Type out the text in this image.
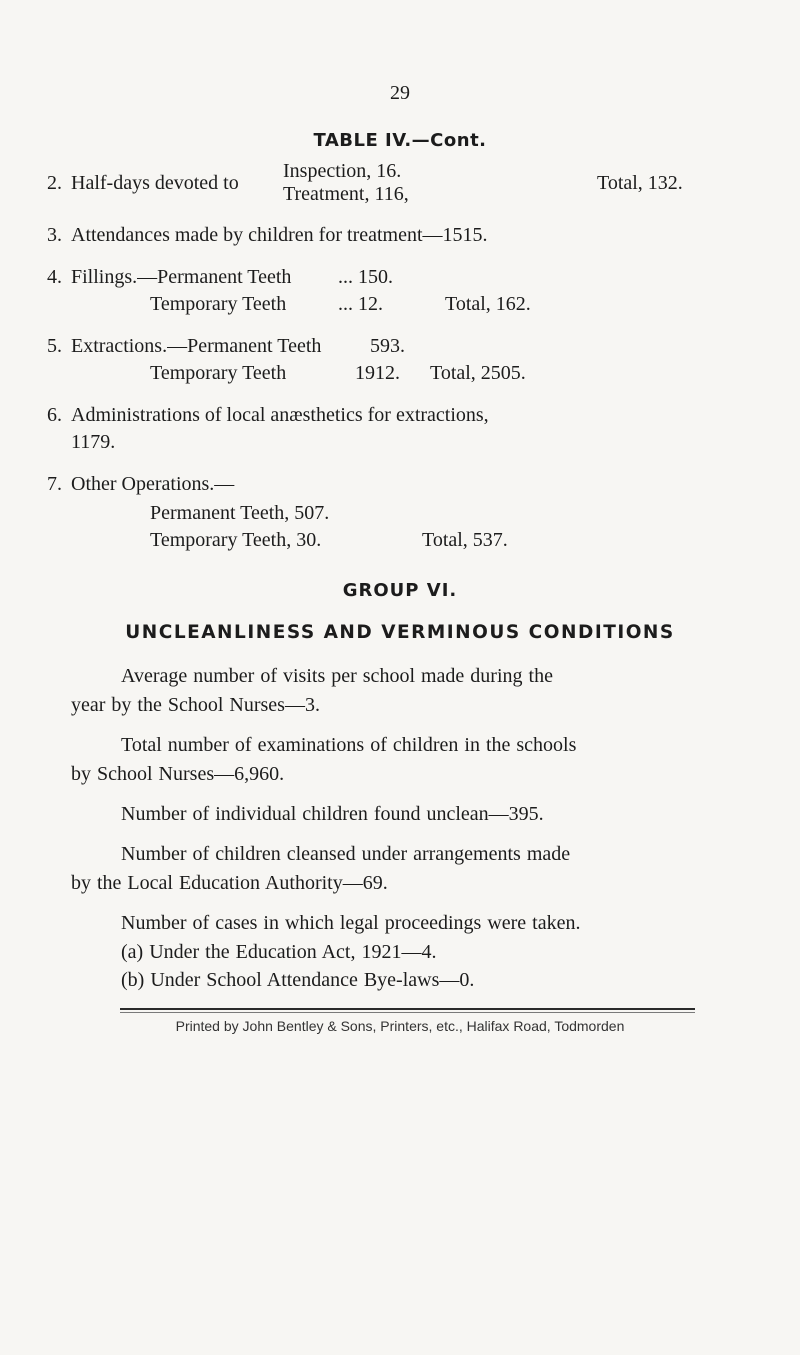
29
TABLE IV.—Cont.
2. Half-days devoted to
Inspection, 16.
Treatment, 116,	Total, 132.
3. Attendances made by children for treatment—1515.
4. Fillings.—Permanent Teeth ... 150.
Temporary Teeth	... 12.	Total, 162.
5. Extractions.—Permanent Teeth 593.
Temporary Teeth	1912. Total, 2505.
6. Administrations of local anæsthetics for extractions,
1179.
7. Other Operations.—
Permanent Teeth, 507.
Temporary Teeth, 30.	Total, 537.
GROUP VI.
UNCLEANLINESS AND VERMINOUS CONDITIONS
Average number of visits per school made during the
year by the School Nurses—3.
Total number of examinations of children in the schools
by School Nurses—6,960.
Number of individual children found unclean—395.
Number of children cleansed under arrangements made
by the Local Education Authority—69.
Number of cases in which legal proceedings were taken.
(a) Under the Education Act, 1921—4.
Printed by John Bentley & Sons, Printers, etc., Halifax Road, Todmorden
(b) Under School Attendance Bye-laws—0.
